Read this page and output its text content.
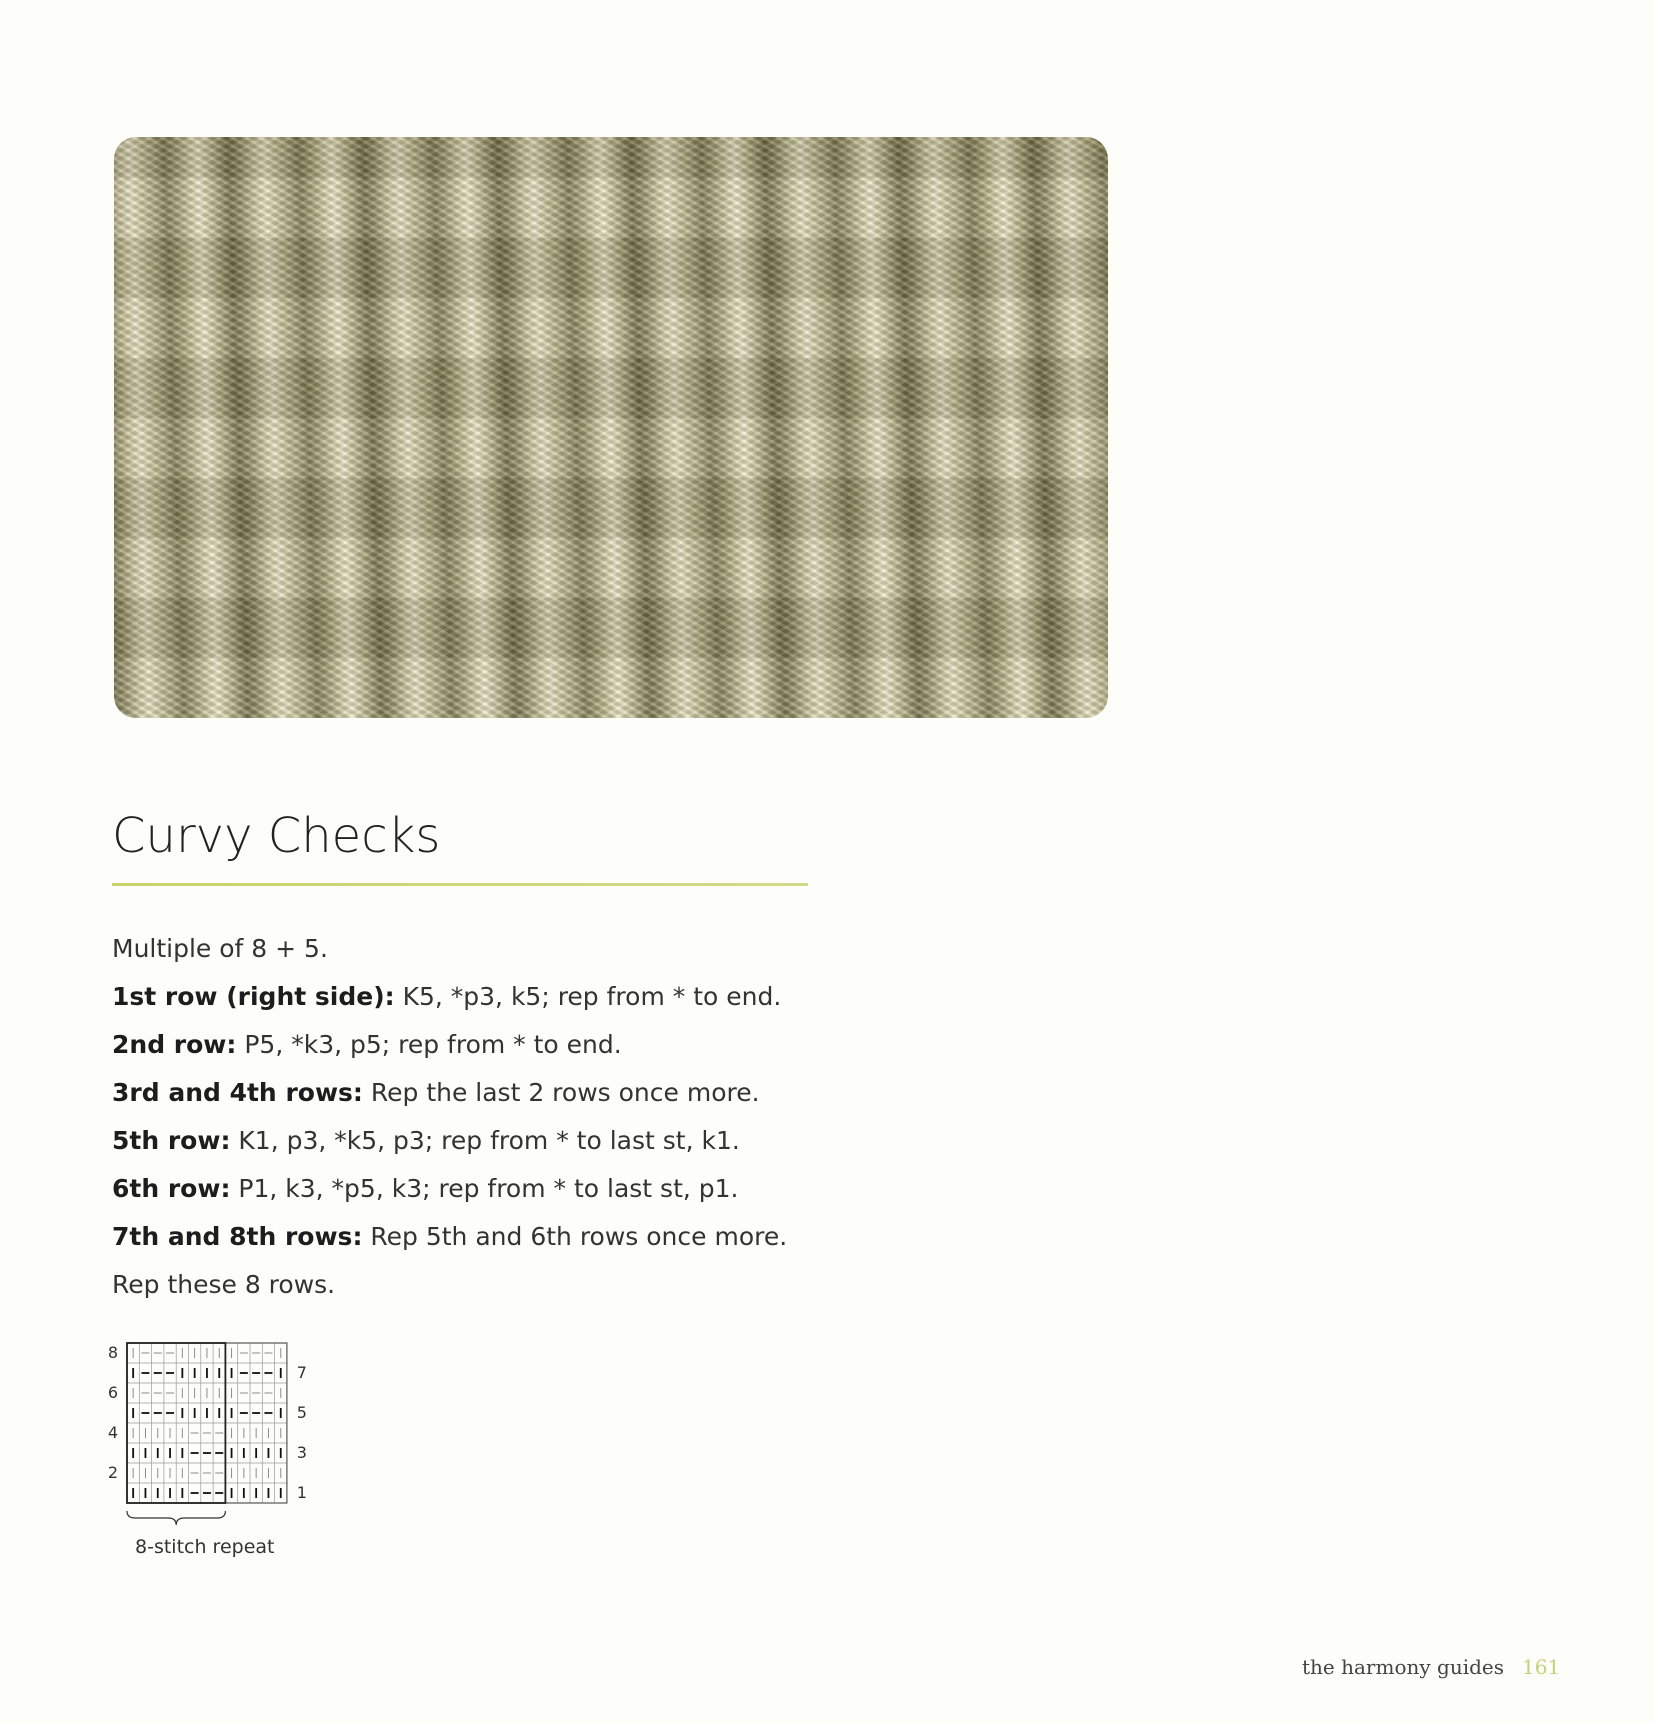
Curvy Checks
Multiple of 8 + 5.
1st row (right side): K5, *p3, k5; rep from * to end.
2nd row: P5, *k3, p5; rep from * to end.
3rd and 4th rows: Rep the last 2 rows once more.
5th row: K1, p3, *k5, p3; rep from * to last st, k1.
6th row: P1, k3, *p5, k3; rep from * to last st, p1.
7th and 8th rows: Rep 5th and 6th rows once more.
Rep these 8 rows.
8
6
4
2
7
5
3
1
8-stitch repeat
the harmony guides 161
